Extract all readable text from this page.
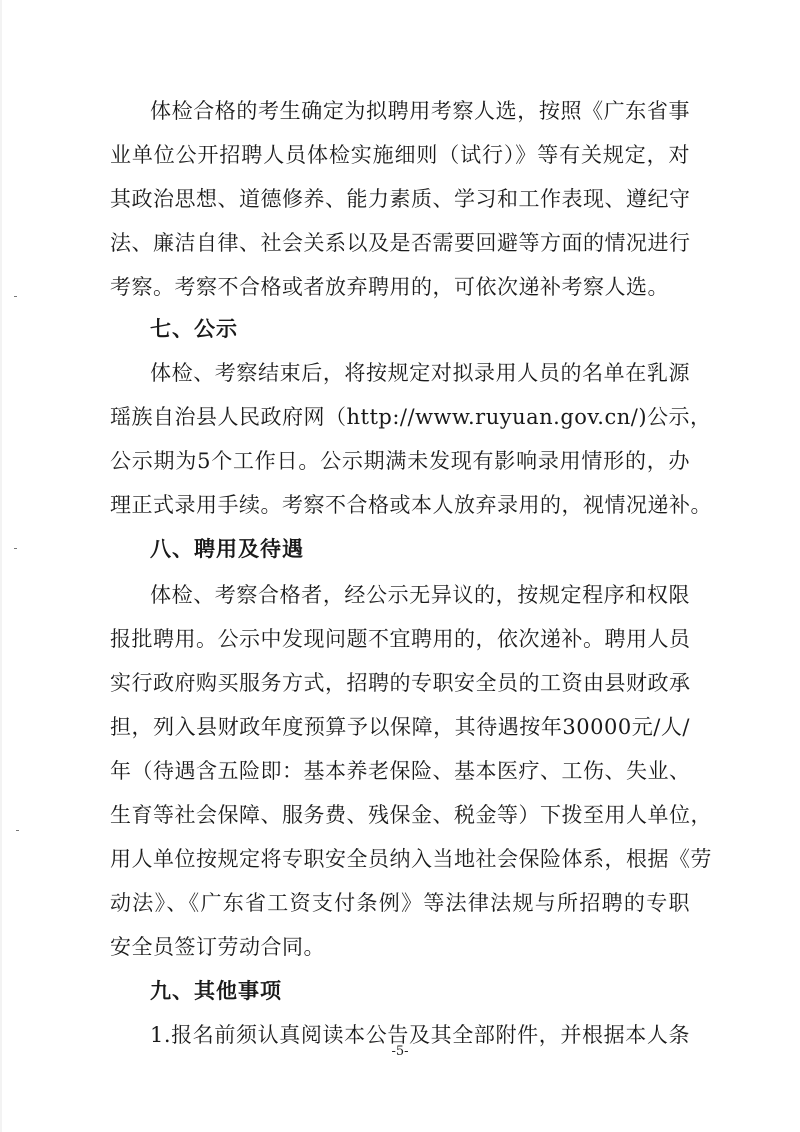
体检合格的考生确定为拟聘用考察人选，按照《广东省事
业单位公开招聘人员体检实施细则（试行）》等有关规定，对
其政治思想、道德修养、能力素质、学习和工作表现、遵纪守
法、廉洁自律、社会关系以及是否需要回避等方面的情况进行
考察。考察不合格或者放弃聘用的，可依次递补考察人选。
七、公示
体检、考察结束后，将按规定对拟录用人员的名单在乳源
瑶族自治县人民政府网（http://www.ruyuan.gov.cn/)公示，
公示期为5个工作日。公示期满未发现有影响录用情形的，办
理正式录用手续。考察不合格或本人放弃录用的，视情况递补。
八、聘用及待遇
体检、考察合格者，经公示无异议的，按规定程序和权限
报批聘用。公示中发现问题不宜聘用的，依次递补。聘用人员
实行政府购买服务方式，招聘的专职安全员的工资由县财政承
担，列入县财政年度预算予以保障，其待遇按年30000元/人/
年（待遇含五险即：基本养老保险、基本医疗、工伤、失业、
生育等社会保障、服务费、残保金、税金等）下拨至用人单位，
用人单位按规定将专职安全员纳入当地社会保险体系，根据《劳
动法》、《广东省工资支付条例》等法律法规与所招聘的专职
安全员签订劳动合同。
九、其他事项
1.报名前须认真阅读本公告及其全部附件，并根据本人条
-5-
